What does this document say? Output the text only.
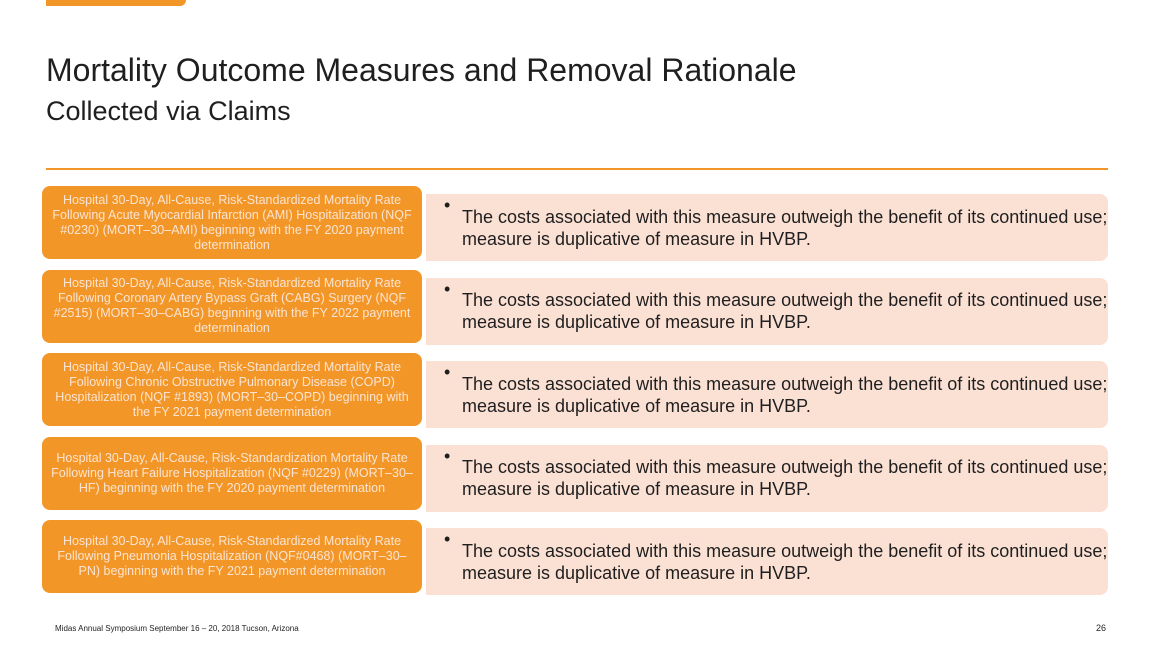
Mortality Outcome Measures and Removal Rationale
Collected via Claims
Hospital 30-Day, All-Cause, Risk-Standardized Mortality Rate Following Acute Myocardial Infarction (AMI) Hospitalization (NQF #0230) (MORT–30–AMI) beginning with the FY 2020 payment determination
•
The costs associated with this measure outweigh the benefit of its continued use; measure is duplicative of measure in HVBP.
Hospital 30-Day, All-Cause, Risk-Standardized Mortality Rate Following Coronary Artery Bypass Graft (CABG) Surgery (NQF #2515) (MORT–30–CABG) beginning with the FY 2022 payment determination
•
The costs associated with this measure outweigh the benefit of its continued use; measure is duplicative of measure in HVBP.
Hospital 30-Day, All-Cause, Risk-Standardized Mortality Rate Following Chronic Obstructive Pulmonary Disease (COPD) Hospitalization (NQF #1893) (MORT–30–COPD) beginning with the FY 2021 payment determination
•
The costs associated with this measure outweigh the benefit of its continued use; measure is duplicative of measure in HVBP.
Hospital 30-Day, All-Cause, Risk-Standardization Mortality Rate Following Heart Failure Hospitalization (NQF #0229) (MORT–30–HF) beginning with the FY 2020 payment determination
•
The costs associated with this measure outweigh the benefit of its continued use; measure is duplicative of measure in HVBP.
Hospital 30-Day, All-Cause, Risk-Standardized Mortality Rate Following Pneumonia Hospitalization (NQF#0468) (MORT–30–PN) beginning with the FY 2021 payment determination
•
The costs associated with this measure outweigh the benefit of its continued use; measure is duplicative of measure in HVBP.
Midas Annual Symposium September 16 – 20, 2018 Tucson, Arizona	26
